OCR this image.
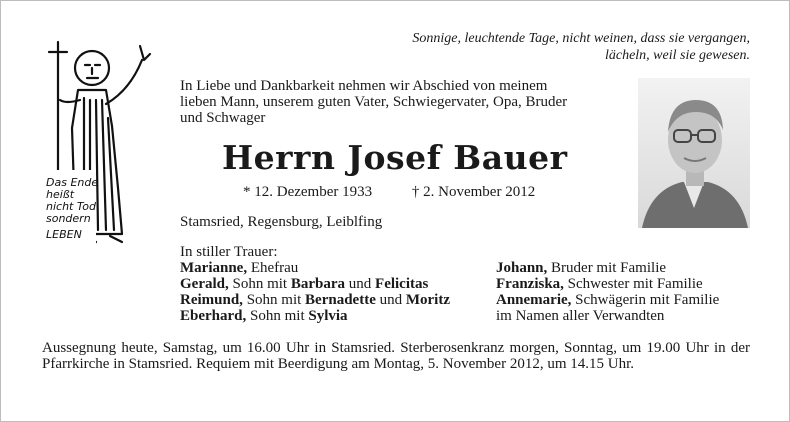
Das Ende
heißt
nicht Tod
sondern
LEBEN
Sonnige, leuchtende Tage, nicht weinen, dass sie vergangen,
lächeln, weil sie gewesen.
In Liebe und Dankbarkeit nehmen wir Abschied von meinem
lieben Mann, unserem guten Vater, Schwiegervater, Opa, Bruder
und Schwager
Herrn Josef Bauer
* 12. Dezember 1933	† 2. November 2012
Stamsried, Regensburg, Leiblfing
In stiller Trauer:
Marianne, Ehefrau
Gerald, Sohn mit Barbara und Felicitas
Reimund, Sohn mit Bernadette und Moritz
Eberhard, Sohn mit Sylvia
Johann, Bruder mit Familie
Franziska, Schwester mit Familie
Annemarie, Schwägerin mit Familie
im Namen aller Verwandten
Aussegnung heute, Samstag, um 16.00 Uhr in Stamsried. Sterberosenkranz morgen, Sonntag, um 19.00 Uhr in der Pfarrkirche in Stamsried. Requiem mit Beerdigung am Montag, 5. November 2012, um 14.15 Uhr.
